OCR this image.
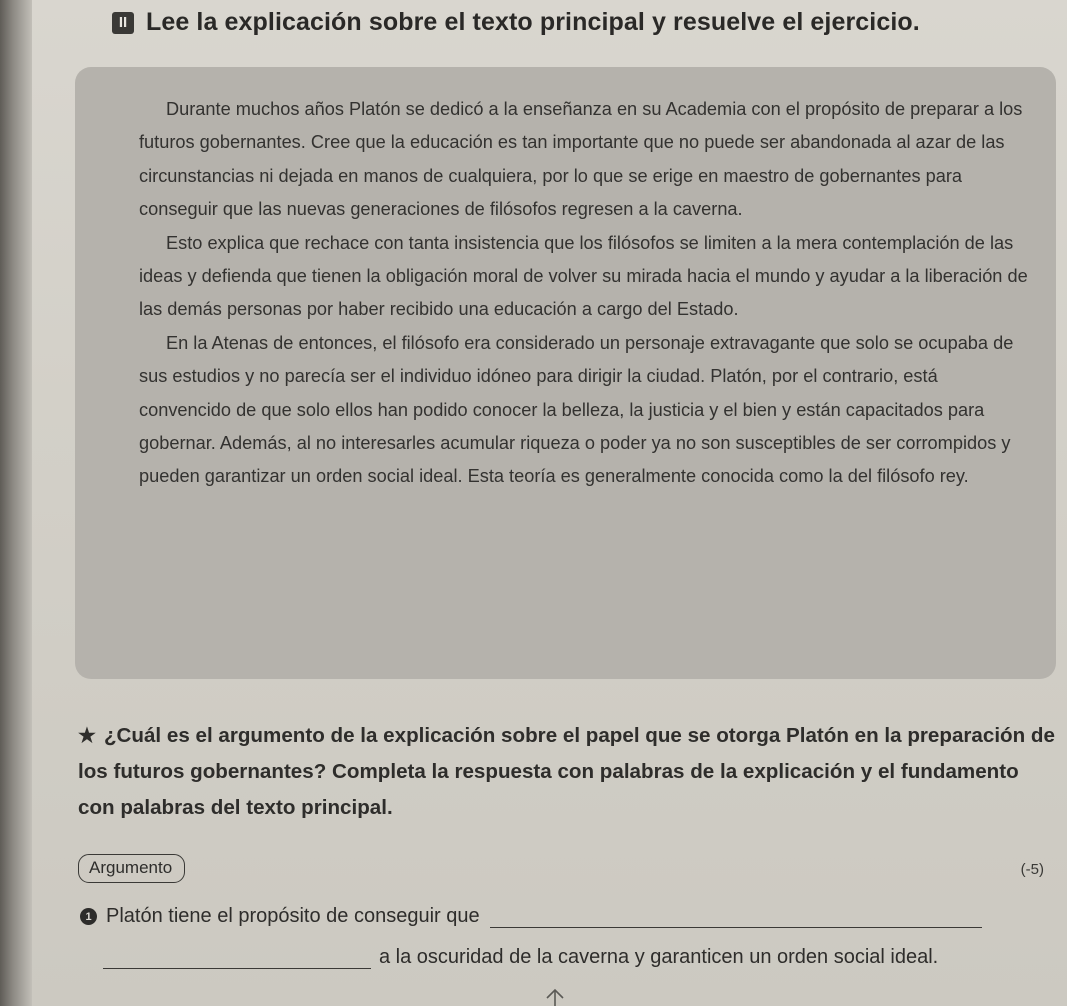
II Lee la explicación sobre el texto principal y resuelve el ejercicio.

Durante muchos años Platón se dedicó a la enseñanza en su Academia con el propósito de preparar a los futuros gobernantes. Cree que la educación es tan importante que no puede ser abandonada al azar de las circunstancias ni dejada en manos de cualquiera, por lo que se erige en maestro de gobernantes para conseguir que las nuevas generaciones de filósofos regresen a la caverna.

Esto explica que rechace con tanta insistencia que los filósofos se limiten a la mera contemplación de las ideas y defienda que tienen la obligación moral de volver su mirada hacia el mundo y ayudar a la liberación de las demás personas por haber recibido una educación a cargo del Estado.

En la Atenas de entonces, el filósofo era considerado un personaje extravagante que solo se ocupaba de sus estudios y no parecía ser el individuo idóneo para dirigir la ciudad. Platón, por el contrario, está convencido de que solo ellos han podido conocer la belleza, la justicia y el bien y están capacitados para gobernar. Además, al no interesarles acumular riqueza o poder ya no son susceptibles de ser corrompidos y pueden garantizar un orden social ideal. Esta teoría es generalmente conocida como la del filósofo rey.

★ ¿Cuál es el argumento de la explicación sobre el papel que se otorga Platón en la preparación de los futuros gobernantes? Completa la respuesta con palabras de la explicación y el fundamento con palabras del texto principal.
Argumento	(-5)
1 Platón tiene el propósito de conseguir que
a la oscuridad de la caverna y garanticen un orden social ideal.
